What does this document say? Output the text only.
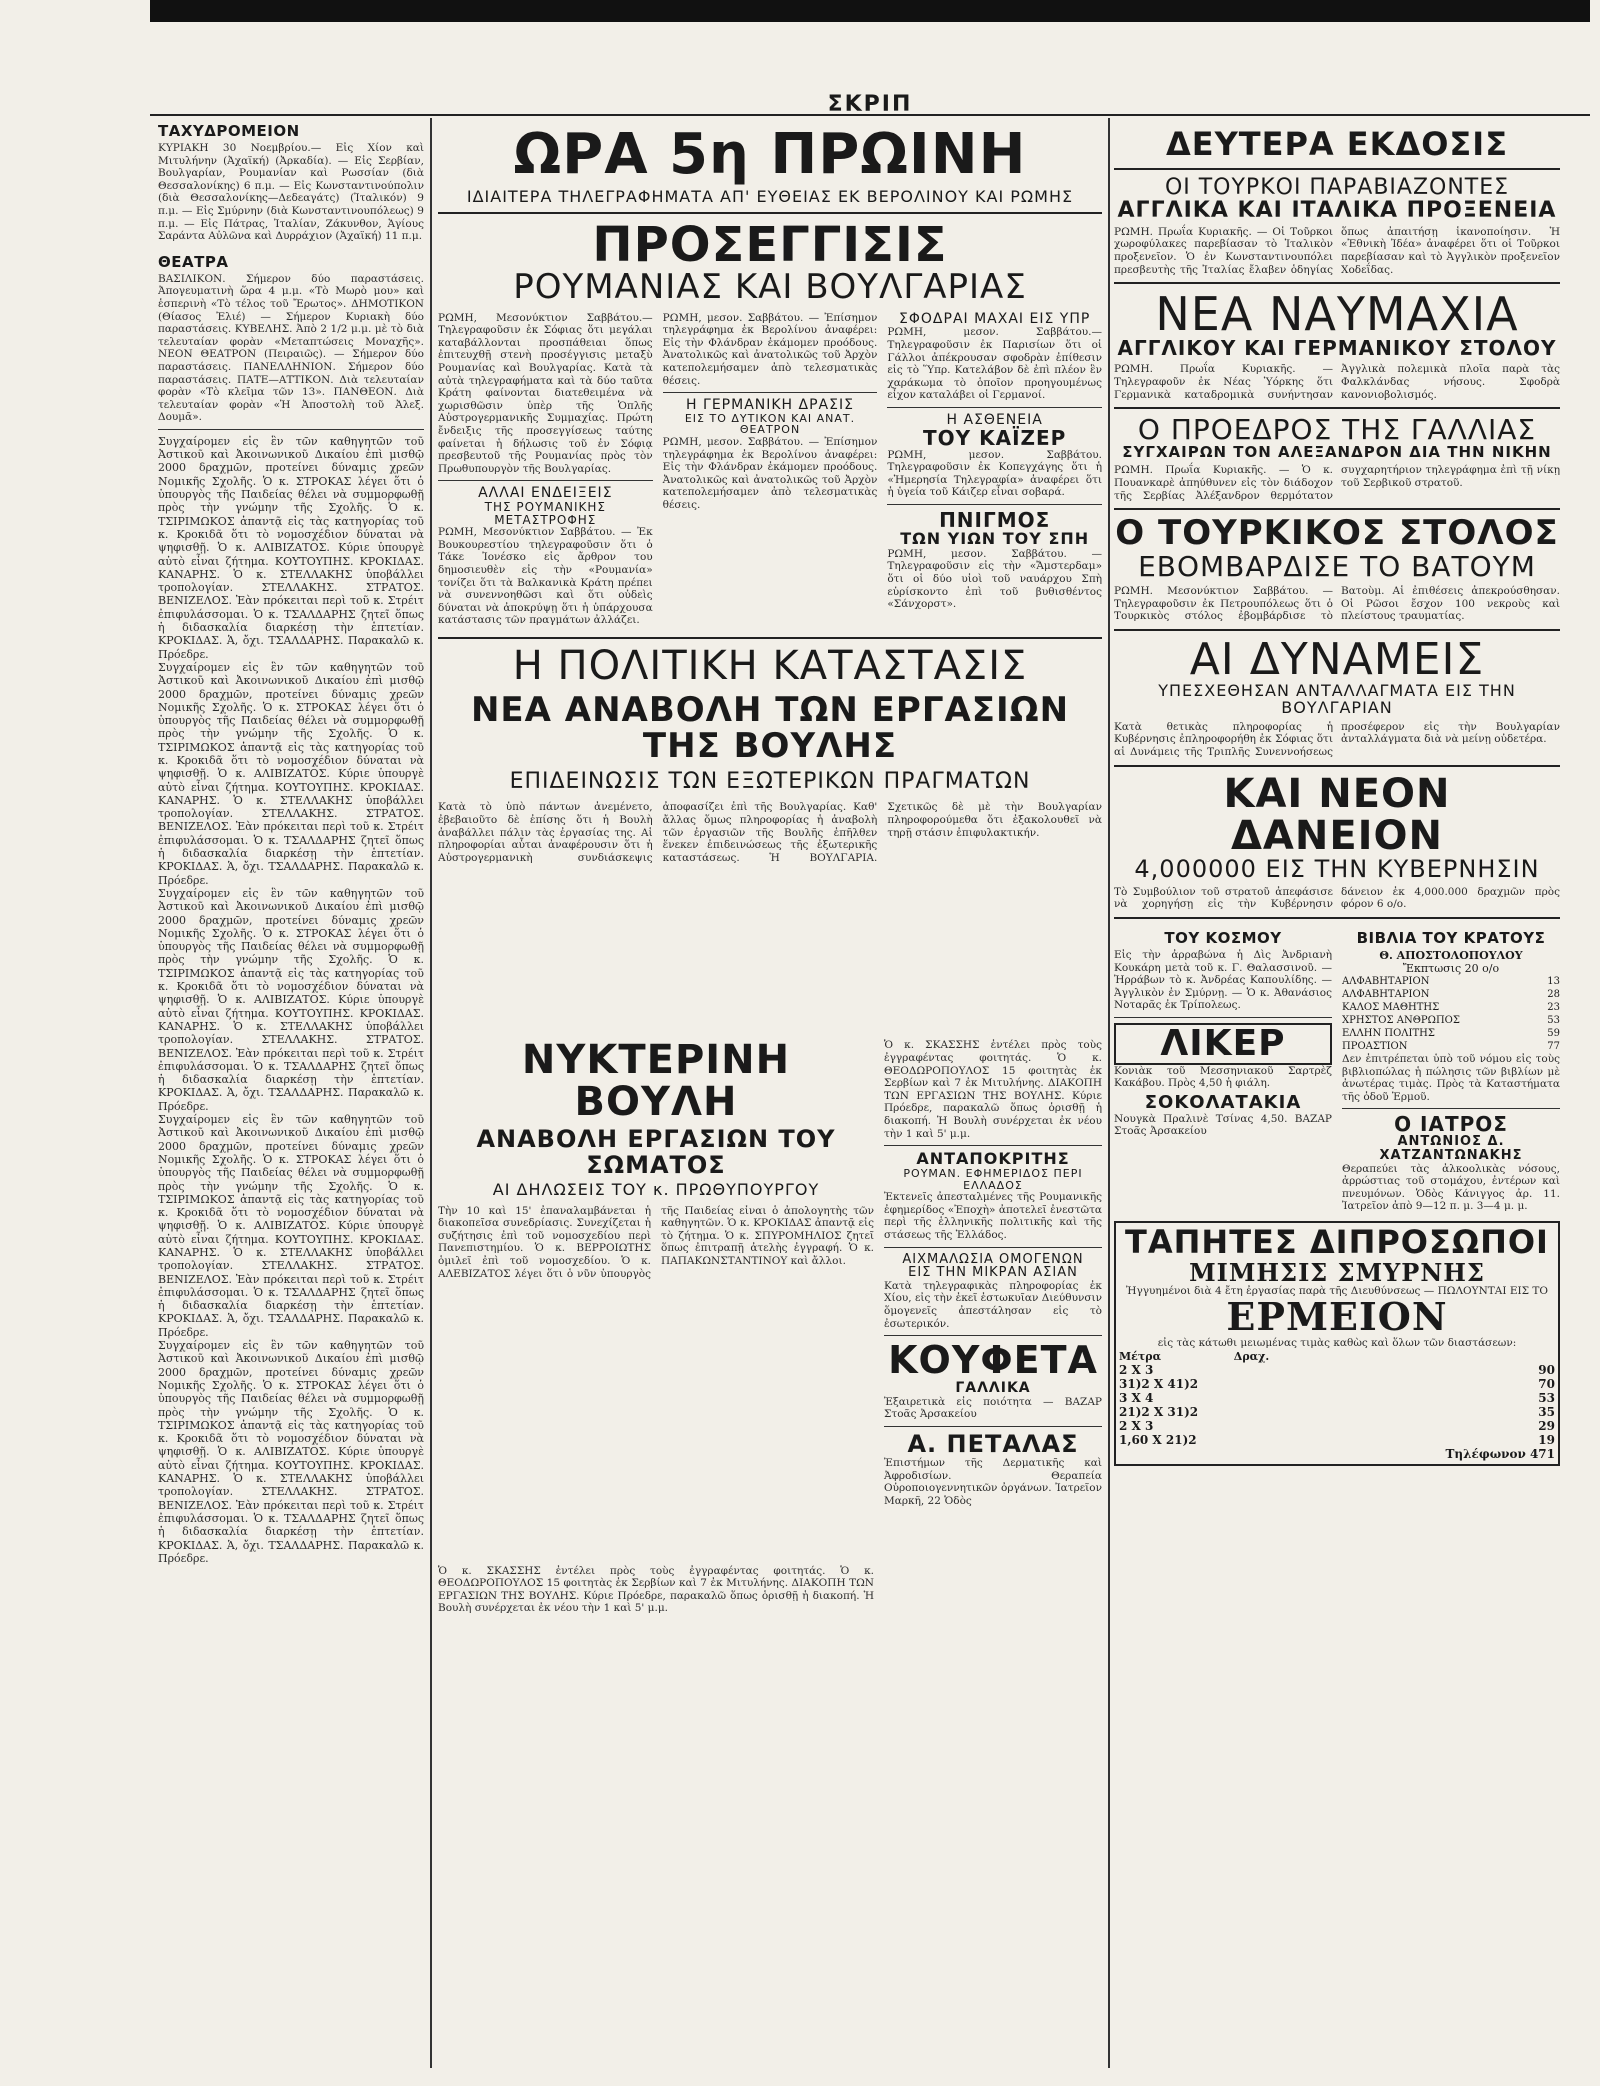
ΣΚΡΙΠ
ΤΑΧΥΔΡΟΜΕΙΟΝ
ΚΥΡΙΑΚΗ 30 Νοεμβρίου.— Εἰς Χίον καὶ Μιτυλήνην (Ἀχαϊκή) (Ἀρκαδία). — Εἰς Σερβίαν, Βουλγαρίαν, Ρουμανίαν καὶ Ρωσσίαν (διὰ Θεσσαλονίκης) 6 π.μ. — Εἰς Κωνσταντινούπολιν (διὰ Θεσσαλονίκης—Δεδεαγάτς) (Ἰταλικόν) 9 π.μ. — Εἰς Σμύρνην (διὰ Κωνσταντινουπόλεως) 9 π.μ. — Εἰς Πάτρας, Ἰταλίαν, Ζάκυνθον, Ἁγίους Σαράντα Αὐλῶνα καὶ Δυρράχιον (Ἀχαϊκή) 11 π.μ.
ΘΕΑΤΡΑ
ΒΑΣΙΛΙΚΟΝ. Σήμερον δύο παραστάσεις. Ἀπογευματινὴ ὥρα 4 μ.μ. «Τὸ Μωρὸ μου» καὶ ἑσπερινὴ «Τὸ τέλος τοῦ Ἔρωτος». ΔΗΜΟΤΙΚΟΝ (Θίασος Ἐλιέ) — Σήμερον Κυριακὴ δύο παραστάσεις. ΚΥΒΕΛΗΣ. Ἀπὸ 2 1/2 μ.μ. μὲ τὸ διὰ τελευταίαν φορὰν «Μεταπτώσεις Μοναχῆς». ΝΕΟΝ ΘΕΑΤΡΟΝ (Πειραιῶς). — Σήμερον δύο παραστάσεις. ΠΑΝΕΛΛΗΝΙΟΝ. Σήμερον δύο παραστάσεις. ΠΑΤΕ—ΑΤΤΙΚΟΝ. Διὰ τελευταίαν φορὰν «Τὸ κλεῖμα τῶν 13». ΠΑΝΘΕΟΝ. Διὰ τελευταίαν φορὰν «Ἡ Ἀποστολὴ τοῦ Ἀλεξ. Δουμᾶ».
Συγχαίρομεν εἰς ἓν τῶν καθηγητῶν τοῦ Ἀστικοῦ καὶ Ἀκοινωνικοῦ Δικαίου ἐπὶ μισθῷ 2000 δραχμῶν, προτείνει δύναμις χρεῶν Νομικῆς Σχολῆς. Ὁ κ. ΣΤΡΟΚΑΣ λέγει ὅτι ὁ ὑπουργὸς τῆς Παιδείας θέλει νὰ συμμορφωθῇ πρὸς τὴν γνώμην τῆς Σχολῆς. Ὁ κ. ΤΣΙΡΙΜΩΚΟΣ ἀπαντᾷ εἰς τὰς κατηγορίας τοῦ κ. Κροκιδᾶ ὅτι τὸ νομοσχέδιον δύναται νὰ ψηφισθῇ. Ὁ κ. ΑΛΙΒΙΖΑΤΟΣ. Κύριε ὑπουργὲ αὐτὸ εἶναι ζήτημα. ΚΟΥΤΟΥΠΗΣ. ΚΡΟΚΙΔΑΣ. ΚΑΝΑΡΗΣ. Ὁ κ. ΣΤΕΛΛΑΚΗΣ ὑποβάλλει τροπολογίαν. ΣΤΕΛΛΑΚΗΣ. ΣΤΡΑΤΟΣ. ΒΕΝΙΖΕΛΟΣ. Ἐὰν πρόκειται περὶ τοῦ κ. Στρέιτ ἐπιφυλάσσομαι. Ὁ κ. ΤΣΑΛΔΑΡΗΣ ζητεῖ ὅπως ἡ διδασκαλία διαρκέσῃ τὴν ἑπτετίαν. ΚΡΟΚΙΔΑΣ. Ἁ, ὄχι. ΤΣΑΛΔΑΡΗΣ. Παρακαλῶ κ. Πρόεδρε.
Συγχαίρομεν εἰς ἓν τῶν καθηγητῶν τοῦ Ἀστικοῦ καὶ Ἀκοινωνικοῦ Δικαίου ἐπὶ μισθῷ 2000 δραχμῶν, προτείνει δύναμις χρεῶν Νομικῆς Σχολῆς. Ὁ κ. ΣΤΡΟΚΑΣ λέγει ὅτι ὁ ὑπουργὸς τῆς Παιδείας θέλει νὰ συμμορφωθῇ πρὸς τὴν γνώμην τῆς Σχολῆς. Ὁ κ. ΤΣΙΡΙΜΩΚΟΣ ἀπαντᾷ εἰς τὰς κατηγορίας τοῦ κ. Κροκιδᾶ ὅτι τὸ νομοσχέδιον δύναται νὰ ψηφισθῇ. Ὁ κ. ΑΛΙΒΙΖΑΤΟΣ. Κύριε ὑπουργὲ αὐτὸ εἶναι ζήτημα. ΚΟΥΤΟΥΠΗΣ. ΚΡΟΚΙΔΑΣ. ΚΑΝΑΡΗΣ. Ὁ κ. ΣΤΕΛΛΑΚΗΣ ὑποβάλλει τροπολογίαν. ΣΤΕΛΛΑΚΗΣ. ΣΤΡΑΤΟΣ. ΒΕΝΙΖΕΛΟΣ. Ἐὰν πρόκειται περὶ τοῦ κ. Στρέιτ ἐπιφυλάσσομαι. Ὁ κ. ΤΣΑΛΔΑΡΗΣ ζητεῖ ὅπως ἡ διδασκαλία διαρκέσῃ τὴν ἑπτετίαν. ΚΡΟΚΙΔΑΣ. Ἁ, ὄχι. ΤΣΑΛΔΑΡΗΣ. Παρακαλῶ κ. Πρόεδρε.
Συγχαίρομεν εἰς ἓν τῶν καθηγητῶν τοῦ Ἀστικοῦ καὶ Ἀκοινωνικοῦ Δικαίου ἐπὶ μισθῷ 2000 δραχμῶν, προτείνει δύναμις χρεῶν Νομικῆς Σχολῆς. Ὁ κ. ΣΤΡΟΚΑΣ λέγει ὅτι ὁ ὑπουργὸς τῆς Παιδείας θέλει νὰ συμμορφωθῇ πρὸς τὴν γνώμην τῆς Σχολῆς. Ὁ κ. ΤΣΙΡΙΜΩΚΟΣ ἀπαντᾷ εἰς τὰς κατηγορίας τοῦ κ. Κροκιδᾶ ὅτι τὸ νομοσχέδιον δύναται νὰ ψηφισθῇ. Ὁ κ. ΑΛΙΒΙΖΑΤΟΣ. Κύριε ὑπουργὲ αὐτὸ εἶναι ζήτημα. ΚΟΥΤΟΥΠΗΣ. ΚΡΟΚΙΔΑΣ. ΚΑΝΑΡΗΣ. Ὁ κ. ΣΤΕΛΛΑΚΗΣ ὑποβάλλει τροπολογίαν. ΣΤΕΛΛΑΚΗΣ. ΣΤΡΑΤΟΣ. ΒΕΝΙΖΕΛΟΣ. Ἐὰν πρόκειται περὶ τοῦ κ. Στρέιτ ἐπιφυλάσσομαι. Ὁ κ. ΤΣΑΛΔΑΡΗΣ ζητεῖ ὅπως ἡ διδασκαλία διαρκέσῃ τὴν ἑπτετίαν. ΚΡΟΚΙΔΑΣ. Ἁ, ὄχι. ΤΣΑΛΔΑΡΗΣ. Παρακαλῶ κ. Πρόεδρε.
Συγχαίρομεν εἰς ἓν τῶν καθηγητῶν τοῦ Ἀστικοῦ καὶ Ἀκοινωνικοῦ Δικαίου ἐπὶ μισθῷ 2000 δραχμῶν, προτείνει δύναμις χρεῶν Νομικῆς Σχολῆς. Ὁ κ. ΣΤΡΟΚΑΣ λέγει ὅτι ὁ ὑπουργὸς τῆς Παιδείας θέλει νὰ συμμορφωθῇ πρὸς τὴν γνώμην τῆς Σχολῆς. Ὁ κ. ΤΣΙΡΙΜΩΚΟΣ ἀπαντᾷ εἰς τὰς κατηγορίας τοῦ κ. Κροκιδᾶ ὅτι τὸ νομοσχέδιον δύναται νὰ ψηφισθῇ. Ὁ κ. ΑΛΙΒΙΖΑΤΟΣ. Κύριε ὑπουργὲ αὐτὸ εἶναι ζήτημα. ΚΟΥΤΟΥΠΗΣ. ΚΡΟΚΙΔΑΣ. ΚΑΝΑΡΗΣ. Ὁ κ. ΣΤΕΛΛΑΚΗΣ ὑποβάλλει τροπολογίαν. ΣΤΕΛΛΑΚΗΣ. ΣΤΡΑΤΟΣ. ΒΕΝΙΖΕΛΟΣ. Ἐὰν πρόκειται περὶ τοῦ κ. Στρέιτ ἐπιφυλάσσομαι. Ὁ κ. ΤΣΑΛΔΑΡΗΣ ζητεῖ ὅπως ἡ διδασκαλία διαρκέσῃ τὴν ἑπτετίαν. ΚΡΟΚΙΔΑΣ. Ἁ, ὄχι. ΤΣΑΛΔΑΡΗΣ. Παρακαλῶ κ. Πρόεδρε.
Συγχαίρομεν εἰς ἓν τῶν καθηγητῶν τοῦ Ἀστικοῦ καὶ Ἀκοινωνικοῦ Δικαίου ἐπὶ μισθῷ 2000 δραχμῶν, προτείνει δύναμις χρεῶν Νομικῆς Σχολῆς. Ὁ κ. ΣΤΡΟΚΑΣ λέγει ὅτι ὁ ὑπουργὸς τῆς Παιδείας θέλει νὰ συμμορφωθῇ πρὸς τὴν γνώμην τῆς Σχολῆς. Ὁ κ. ΤΣΙΡΙΜΩΚΟΣ ἀπαντᾷ εἰς τὰς κατηγορίας τοῦ κ. Κροκιδᾶ ὅτι τὸ νομοσχέδιον δύναται νὰ ψηφισθῇ. Ὁ κ. ΑΛΙΒΙΖΑΤΟΣ. Κύριε ὑπουργὲ αὐτὸ εἶναι ζήτημα. ΚΟΥΤΟΥΠΗΣ. ΚΡΟΚΙΔΑΣ. ΚΑΝΑΡΗΣ. Ὁ κ. ΣΤΕΛΛΑΚΗΣ ὑποβάλλει τροπολογίαν. ΣΤΕΛΛΑΚΗΣ. ΣΤΡΑΤΟΣ. ΒΕΝΙΖΕΛΟΣ. Ἐὰν πρόκειται περὶ τοῦ κ. Στρέιτ ἐπιφυλάσσομαι. Ὁ κ. ΤΣΑΛΔΑΡΗΣ ζητεῖ ὅπως ἡ διδασκαλία διαρκέσῃ τὴν ἑπτετίαν. ΚΡΟΚΙΔΑΣ. Ἁ, ὄχι. ΤΣΑΛΔΑΡΗΣ. Παρακαλῶ κ. Πρόεδρε.
ΩΡΑ 5η ΠΡΩΙΝΗ
ΙΔΙΑΙΤΕΡΑ ΤΗΛΕΓΡΑΦΗΜΑΤΑ ΑΠ' ΕΥΘΕΙΑΣ ΕΚ ΒΕΡΟΛΙΝΟΥ ΚΑΙ ΡΩΜΗΣ
ΠΡΟΣΕΓΓΙΣΙΣ
ΡΟΥΜΑΝΙΑΣ ΚΑΙ ΒΟΥΛΓΑΡΙΑΣ
ΡΩΜΗ, Μεσονύκτιον Σαββάτου.—Τηλεγραφοῦσιν ἐκ Σόφιας ὅτι μεγάλαι καταβάλλονται προσπάθειαι ὅπως ἐπιτευχθῇ στενὴ προσέγγισις μεταξὺ Ρουμανίας καὶ Βουλγαρίας. Κατὰ τὰ αὐτὰ τηλεγραφήματα καὶ τὰ δύο ταῦτα Κράτη φαίνονται διατεθειμένα νὰ χωρισθῶσιν ὑπὲρ τῆς Ὁπλῆς Αὐστρογερμανικῆς Συμμαχίας. Πρώτη ἔνδειξις τῆς προσεγγίσεως ταύτης φαίνεται ἡ δήλωσις τοῦ ἐν Σόφιᾳ πρεσβευτοῦ τῆς Ρουμανίας πρὸς τὸν Πρωθυπουργὸν τῆς Βουλγαρίας.
ΑΛΛΑΙ ΕΝΔΕΙΞΕΙΣ
ΤΗΣ ΡΟΥΜΑΝΙΚΗΣ ΜΕΤΑΣΤΡΟΦΗΣ
ΡΩΜΗ, Μεσονύκτιον Σαββάτου. — Ἐκ Βουκουρεστίου τηλεγραφοῦσιν ὅτι ὁ Τάκε Ἰονέσκο εἰς ἄρθρον του δημοσιευθὲν εἰς τὴν «Ρουμανία» τονίζει ὅτι τὰ Βαλκανικὰ Κράτη πρέπει νὰ συνεννοηθῶσι καὶ ὅτι οὐδεὶς δύναται νὰ ἀποκρύψῃ ὅτι ἡ ὑπάρχουσα κατάστασις τῶν πραγμάτων ἀλλάζει.
ΡΩΜΗ, μεσον. Σαββάτου. — Ἐπίσημον τηλεγράφημα ἐκ Βερολίνου ἀναφέρει: Εἰς τὴν Φλάνδραν ἐκάμομεν προόδους. Ἀνατολικῶς καὶ ἀνατολικῶς τοῦ Ἀρχὸν κατεπολεμήσαμεν ἀπὸ τελεσματικὰς θέσεις.
Η ΓΕΡΜΑΝΙΚΗ ΔΡΑΣΙΣ
ΕΙΣ ΤΟ ΔΥΤΙΚΟΝ ΚΑΙ ΑΝΑΤ. ΘΕΑΤΡΟΝ
ΡΩΜΗ, μεσον. Σαββάτου. — Ἐπίσημον τηλεγράφημα ἐκ Βερολίνου ἀναφέρει: Εἰς τὴν Φλάνδραν ἐκάμομεν προόδους. Ἀνατολικῶς καὶ ἀνατολικῶς τοῦ Ἀρχὸν κατεπολεμήσαμεν ἀπὸ τελεσματικὰς θέσεις.
ΣΦΟΔΡΑΙ ΜΑΧΑΙ ΕΙΣ ΥΠΡ
ΡΩΜΗ, μεσον. Σαββάτου.—Τηλεγραφοῦσιν ἐκ Παρισίων ὅτι οἱ Γάλλοι ἀπέκρουσαν σφοδρὰν ἐπίθεσιν εἰς τὸ Ὕπρ. Κατελάβον δὲ ἐπὶ πλέον ἓν χαράκωμα τὸ ὁποῖον προηγουμένως εἶχον καταλάβει οἱ Γερμανοί.
Η ΑΣΘΕΝΕΙΑ
ΤΟΥ ΚΑΪΖΕΡ
ΡΩΜΗ, μεσον. Σαββάτου. Τηλεγραφοῦσιν ἐκ Κοπεγχάγης ὅτι ἡ «Ἡμερησία Τηλεγραφία» ἀναφέρει ὅτι ἡ ὑγεία τοῦ Κάιζερ εἶναι σοβαρά.
ΠΝΙΓΜΟΣ
ΤΩΝ ΥΙΩΝ ΤΟΥ ΣΠΗ
ΡΩΜΗ, μεσον. Σαββάτου. —Τηλεγραφοῦσιν εἰς τὴν «Ἄμστερδαμ» ὅτι οἱ δύο υἱοὶ τοῦ ναυάρχου Σπὴ εὑρίσκοντο ἐπὶ τοῦ βυθισθέντος «Σάνχορστ».
Η ΠΟΛΙΤΙΚΗ ΚΑΤΑΣΤΑΣΙΣ
ΝΕΑ ΑΝΑΒΟΛΗ ΤΩΝ ΕΡΓΑΣΙΩΝ ΤΗΣ ΒΟΥΛΗΣ
ΕΠΙΔΕΙΝΩΣΙΣ ΤΩΝ ΕΞΩΤΕΡΙΚΩΝ ΠΡΑΓΜΑΤΩΝ
Κατὰ τὸ ὑπὸ πάντων ἀνεμένετο, ἐβεβαιοῦτο δὲ ἐπίσης ὅτι ἡ Βουλὴ ἀναβάλλει πάλιν τὰς ἐργασίας της. Αἱ πληροφορίαι αὗται ἀναφέρουσιν ὅτι ἡ Αὐστρογερμανικὴ συνδιάσκεψις ἀποφασίζει ἐπὶ τῆς Βουλγαρίας. Καθ' ἄλλας ὅμως πληροφορίας ἡ ἀναβολὴ τῶν ἐργασιῶν τῆς Βουλῆς ἐπῆλθεν ἕνεκεν ἐπιδεινώσεως τῆς ἐξωτερικῆς καταστάσεως. Ἡ ΒΟΥΛΓΑΡΙΑ. Σχετικῶς δὲ μὲ τὴν Βουλγαρίαν πληροφορούμεθα ὅτι ἐξακολουθεῖ νὰ τηρῇ στάσιν ἐπιφυλακτικήν.
ΝΥΚΤΕΡΙΝΗ ΒΟΥΛΗ
ΑΝΑΒΟΛΗ ΕΡΓΑΣΙΩΝ ΤΟΥ ΣΩΜΑΤΟΣ
ΑΙ ΔΗΛΩΣΕΙΣ ΤΟΥ κ. ΠΡΩΘΥΠΟΥΡΓΟΥ
Τὴν 10 καὶ 15' ἐπαναλαμβάνεται ἡ διακοπεῖσα συνεδρίασις. Συνεχίζεται ἡ συζήτησις ἐπὶ τοῦ νομοσχεδίου περὶ Πανεπιστημίου. Ὁ κ. ΒΕΡΡΟΙΩΤΗΣ ὁμιλεῖ ἐπὶ τοῦ νομοσχεδίου. Ὁ κ. ΑΛΕΒΙΖΑΤΟΣ λέγει ὅτι ὁ νῦν ὑπουργὸς τῆς Παιδείας εἶναι ὁ ἀπολογητὴς τῶν καθηγητῶν. Ὁ κ. ΚΡΟΚΙΔΑΣ ἀπαντᾷ εἰς τὸ ζήτημα. Ὁ κ. ΣΠΥΡΟΜΗΛΙΟΣ ζητεῖ ὅπως ἐπιτραπῇ ἀτελὴς ἐγγραφή. Ὁ κ. ΠΑΠΑΚΩΝΣΤΑΝΤΙΝΟΥ καὶ ἄλλοι.
Ὁ κ. ΣΚΑΣΣΗΣ ἐντέλει πρὸς τοὺς ἐγγραφέντας φοιτητάς. Ὁ κ. ΘΕΟΔΩΡΟΠΟΥΛΟΣ 15 φοιτητὰς ἐκ Σερβίων καὶ 7 ἐκ Μιτυλήνης. ΔΙΑΚΟΠΗ ΤΩΝ ΕΡΓΑΣΙΩΝ ΤΗΣ ΒΟΥΛΗΣ. Κύριε Πρόεδρε, παρακαλῶ ὅπως ὁρισθῇ ἡ διακοπή. Ἡ Βουλὴ συνέρχεται ἐκ νέου τὴν 1 καὶ 5' μ.μ.
Ὁ κ. ΣΚΑΣΣΗΣ ἐντέλει πρὸς τοὺς ἐγγραφέντας φοιτητάς. Ὁ κ. ΘΕΟΔΩΡΟΠΟΥΛΟΣ 15 φοιτητὰς ἐκ Σερβίων καὶ 7 ἐκ Μιτυλήνης. ΔΙΑΚΟΠΗ ΤΩΝ ΕΡΓΑΣΙΩΝ ΤΗΣ ΒΟΥΛΗΣ. Κύριε Πρόεδρε, παρακαλῶ ὅπως ὁρισθῇ ἡ διακοπή. Ἡ Βουλὴ συνέρχεται ἐκ νέου τὴν 1 καὶ 5' μ.μ.
ΑΝΤΑΠΟΚΡΙΤΗΣ
ΡΟΥΜΑΝ. ΕΦΗΜΕΡΙΔΟΣ ΠΕΡΙ ΕΛΛΑΔΟΣ
Ἐκτενεῖς ἀπεσταλμένες τῆς Ρουμανικῆς ἐφημερίδος «Ἐποχὴ» ἀποτελεῖ ἐνεστῶτα περὶ τῆς ἑλληνικῆς πολιτικῆς καὶ τῆς στάσεως τῆς Ἑλλάδος.
ΑΙΧΜΑΛΩΣΙΑ ΟΜΟΓΕΝΩΝ
ΕΙΣ ΤΗΝ ΜΙΚΡΑΝ ΑΣΙΑΝ
Κατὰ τηλεγραφικὰς πληροφορίας ἐκ Χίου, εἰς τὴν ἐκεῖ ἐστωκυῖαν Διεύθυνσιν ὅμογενεῖς ἀπεστάλησαν εἰς τὸ ἐσωτερικόν.
ΚΟΥΦΕΤΑ
ΓΑΛΛΙΚΑ
Ἐξαιρετικὰ εἰς ποιότητα — ΒΑΖΑΡ Στοᾶς Ἀρσακείου
Α. ΠΕΤΑΛΑΣ
Ἐπιστήμων τῆς Δερματικῆς καὶ Ἀφροδισίων. Θεραπεία Οὐροποιογεννητικῶν ὀργάνων. Ἰατρεῖον Μαρκῆ, 22 Ὁδὸς
ΔΕΥΤΕΡΑ ΕΚΔΟΣΙΣ
ΟΙ ΤΟΥΡΚΟΙ ΠΑΡΑΒΙΑΖΟΝΤΕΣ
ΑΓΓΛΙΚΑ ΚΑΙ ΙΤΑΛΙΚΑ ΠΡΟΞΕΝΕΙΑ
ΡΩΜΗ. Πρωΐα Κυριακῆς. — Οἱ Τοῦρκοι χωροφύλακες παρεβίασαν τὸ Ἰταλικὸν προξενεῖον. Ὁ ἐν Κωνσταντινουπόλει πρεσβευτὴς τῆς Ἰταλίας ἔλαβεν ὁδηγίας ὅπως ἀπαιτήσῃ ἱκανοποίησιν. Ἡ «Ἐθνικὴ Ἰδέα» ἀναφέρει ὅτι οἱ Τοῦρκοι παρεβίασαν καὶ τὸ Ἀγγλικὸν προξενεῖον Χοδεΐδας.
ΝΕΑ ΝΑΥΜΑΧΙΑ
ΑΓΓΛΙΚΟΥ ΚΑΙ ΓΕΡΜΑΝΙΚΟΥ ΣΤΟΛΟΥ
ΡΩΜΗ. Πρωΐα Κυριακῆς. — Τηλεγραφοῦν ἐκ Νέας Ὑόρκης ὅτι Γερμανικὰ καταδρομικὰ συνήντησαν Ἀγγλικὰ πολεμικὰ πλοῖα παρὰ τὰς Φαλκλάνδας νήσους. Σφοδρὰ κανονιοβολισμός.
Ο ΠΡΟΕΔΡΟΣ ΤΗΣ ΓΑΛΛΙΑΣ
ΣΥΓΧΑΙΡΩΝ ΤΟΝ ΑΛΕΞΑΝΔΡΟΝ ΔΙΑ ΤΗΝ ΝΙΚΗΝ
ΡΩΜΗ. Πρωΐα Κυριακῆς. — Ὁ κ. Πουανκαρὲ ἀπηύθυνεν εἰς τὸν διάδοχον τῆς Σερβίας Ἀλέξανδρον θερμότατον συγχαρητήριον τηλεγράφημα ἐπὶ τῇ νίκῃ τοῦ Σερβικοῦ στρατοῦ.
Ο ΤΟΥΡΚΙΚΟΣ ΣΤΟΛΟΣ
ΕΒΟΜΒΑΡΔΙΣΕ ΤΟ ΒΑΤΟΥΜ
ΡΩΜΗ. Μεσονύκτιον Σαββάτου. — Τηλεγραφοῦσιν ἐκ Πετρουπόλεως ὅτι ὁ Τουρκικὸς στόλος ἐβομβάρδισε τὸ Βατοὺμ. Αἱ ἐπιθέσεις ἀπεκρούσθησαν. Οἱ Ρῶσοι ἔσχον 100 νεκροὺς καὶ πλείστους τραυματίας.
ΑΙ ΔΥΝΑΜΕΙΣ
ΥΠΕΣΧΕΘΗΣΑΝ ΑΝΤΑΛΛΑΓΜΑΤΑ ΕΙΣ ΤΗΝ ΒΟΥΛΓΑΡΙΑΝ
Κατὰ θετικὰς πληροφορίας ἡ Κυβέρνησις ἐπληροφορήθη ἐκ Σόφιας ὅτι αἱ Δυνάμεις τῆς Τριπλῆς Συνεννοήσεως προσέφερον εἰς τὴν Βουλγαρίαν ἀνταλλάγματα διὰ νὰ μείνῃ οὐδετέρα.
ΚΑΙ ΝΕΟΝ ΔΑΝΕΙΟΝ
4,000000 ΕΙΣ ΤΗΝ ΚΥΒΕΡΝΗΣΙΝ
Τὸ Συμβούλιον τοῦ στρατοῦ ἀπεφάσισε νὰ χορηγήσῃ εἰς τὴν Κυβέρνησιν δάνειον ἐκ 4,000.000 δραχμῶν πρὸς φόρον 6 ο/ο.
ΤΟΥ ΚΟΣΜΟΥ
Εἰς τὴν ἀρραβώνα ἡ Δὶς Ἀνδριανὴ Κουκάρη μετὰ τοῦ κ. Γ. Θαλασσινοῦ. — Ἠρράβων τὸ κ. Ἀνδρέας Καπουλίδης. — Ἀγγλικὸν ἐν Σμύρνῃ. — Ὁ κ. Ἀθανάσιος Νοταρᾶς ἐκ Τρίπολεως.
ΛΙΚΕΡ
Κονιὰκ τοῦ Μεσσηνιακοῦ Σαρτρὲζ Κακάβου. Πρὸς 4,50 ἡ φιάλη.
ΣΟΚΟΛΑΤΑΚΙΑ
Νουγκὰ Πραλινὲ Τσίνας 4,50. ΒΑΖΑΡ Στοᾶς Ἀρσακείου
ΒΙΒΛΙΑ ΤΟΥ ΚΡΑΤΟΥΣ
Θ. ΑΠΟΣΤΟΛΟΠΟΥΛΟΥ
Ἔκπτωσις 20 ο/ο
ΑΛΦΑΒΗΤΑΡΙΟΝ	13
ΑΛΦΑΒΗΤΑΡΙΟΝ	28
ΚΑΛΟΣ ΜΑΘΗΤΗΣ	23
ΧΡΗΣΤΟΣ ΑΝΘΡΩΠΟΣ	53
ΕΛΛΗΝ ΠΟΛΙΤΗΣ	59
ΠΡΟΑΣΤΙΟΝ	77
Δεν ἐπιτρέπεται ὑπὸ τοῦ νόμου εἰς τοὺς βιβλιοπώλας ἡ πώλησις τῶν βιβλίων μὲ ἀνωτέρας τιμὰς. Πρὸς τὰ Καταστήματα τῆς ὁδοῦ Ἑρμοῦ.
Ο ΙΑΤΡΟΣ
ΑΝΤΩΝΙΟΣ Δ. ΧΑΤΖΑΝΤΩΝΑΚΗΣ
Θεραπεύει τὰς ἀλκοολικὰς νόσους, ἀρρώστιας τοῦ στομάχου, ἐντέρων καὶ πνευμόνων. Ὁδὸς Κάνιγγος ἀρ. 11. Ἰατρεῖον ἀπὸ 9—12 π. μ. 3—4 μ. μ.
ΤΑΠΗΤΕΣ ΔΙΠΡΟΣΩΠΟΙ
ΜΙΜΗΣΙΣ ΣΜΥΡΝΗΣ
Ἠγγυημένοι διὰ 4 ἔτη ἐργασίας παρὰ τῆς Διευθύνσεως — ΠΩΛΟΥΝΤΑΙ ΕΙΣ ΤΟ
ΕΡΜΕΙΟΝ
εἰς τὰς κάτωθι μειωμένας τιμὰς καθὼς καὶ ὅλων τῶν διαστάσεων:
Μέτρα                   Δραχ.
2 Χ 3	90
31)2 Χ 41)2	70
3 Χ 4	53
21)2 Χ 31)2	35
2 Χ 3	29
1,60 Χ 21)2	19
Τηλέφωνον 471
